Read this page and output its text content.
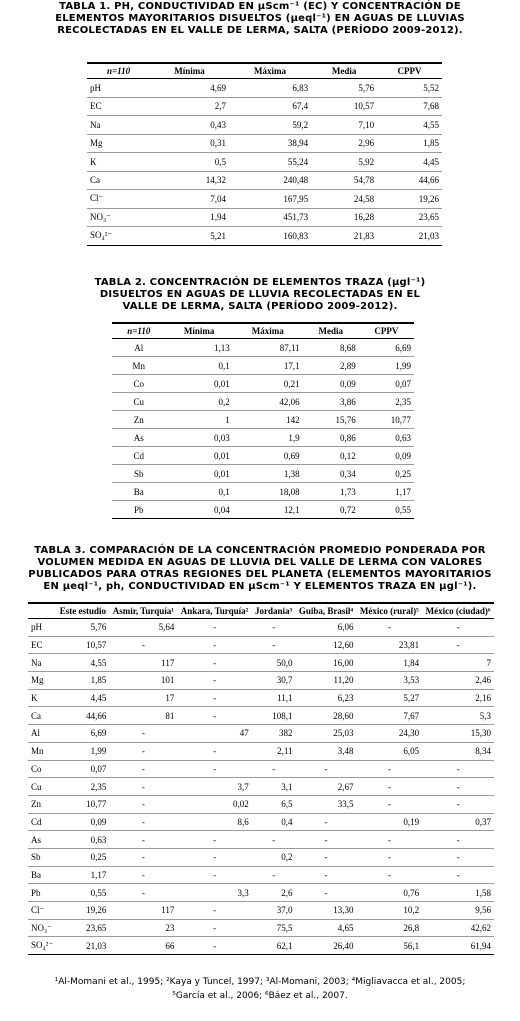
TABLA 1. PH, CONDUCTIVIDAD EN μScm⁻¹ (EC) Y CONCENTRACIÓN DE ELEMENTOS MAYORITARIOS DISUELTOS (μeql⁻¹) EN AGUAS DE LLUVIAS RECOLECTADAS EN EL VALLE DE LERMA, SALTA (PERÍODO 2009-2012).
n=110	Mínima	Máxima	Media	CPPV
pH	4,69	6,83	5,76	5,52
EC	2,7	67,4	10,57	7,68
Na	0,43	59,2	7,10	4,55
Mg	0,31	38,94	2,96	1,85
K	0,5	55,24	5,92	4,45
Ca	14,32	240,48	54,78	44,66
Cl⁻	7,04	167,95	24,58	19,26
NO₃⁻	1,94	451,73	16,28	23,65
SO₄²⁻	5,21	160,83	21,83	21,03
TABLA 2. CONCENTRACIÓN DE ELEMENTOS TRAZA (μgl⁻¹) DISUELTOS EN AGUAS DE LLUVIA RECOLECTADAS EN EL VALLE DE LERMA, SALTA (PERÍODO 2009-2012).
n=110	Mínima	Máxima	Media	CPPV
Al	1,13	87,11	8,68	6,69
Mn	0,1	17,1	2,89	1,99
Co	0,01	0,21	0,09	0,07
Cu	0,2	42,06	3,86	2,35
Zn	1	142	15,76	10,77
As	0,03	1,9	0,86	0,63
Cd	0,01	0,69	0,12	0,09
Sb	0,01	1,38	0,34	0,25
Ba	0,1	18,08	1,73	1,17
Pb	0,04	12,1	0,72	0,55
TABLA 3. COMPARACIÓN DE LA CONCENTRACIÓN PROMEDIO PONDERADA POR VOLUMEN MEDIDA EN AGUAS DE LLUVIA DEL VALLE DE LERMA CON VALORES PUBLICADOS PARA OTRAS REGIONES DEL PLANETA (ELEMENTOS MAYORITARIOS EN μeql⁻¹, ph, CONDUCTIVIDAD EN μScm⁻¹ Y ELEMENTOS TRAZA EN μgl⁻¹).
	Este estudio	Asmir, Turquía¹	Ankara, Turquía²	Jordania³	Guiba, Brasil⁴	México (rural)⁵	México (ciudad)⁶
pH	5,76	5,64	-	-	6,06	-	-
EC	10,57	-	-	-	12,60	23,81	-
Na	4,55	117	-	50,0	16,00	1,84	7
Mg	1,85	101	-	30,7	11,20	3,53	2,46
K	4,45	17	-	11,1	6,23	5,27	2,16
Ca	44,66	81	-	108,1	28,60	7,67	5,3
Al	6,69	-	47	382	25,03	24,30	15,30
Mn	1,99	-	-	2,11	3,48	6,05	8,34
Co	0,07	-	-	-	-	-	-
Cu	2,35	-	3,7	3,1	2,67	-	-
Zn	10,77	-	0,02	6,5	33,5	-	-
Cd	0,09	-	8,6	0,4	-	0,19	0,37
As	0,63	-	-	-	-	-	-
Sb	0,25	-	-	0,2	-	-	-
Ba	1,17	-	-	-	-	-	-
Pb	0,55	-	3,3	2,6	-	0,76	1,58
Cl⁻	19,26	117	-	37,0	13,30	10,2	9,56
NO₃⁻	23,65	23	-	75,5	4,65	26,8	42,62
SO₄²⁻	21,03	66	-	62,1	26,40	56,1	61,94
¹Al-Momani et al., 1995; ²Kaya y Tuncel, 1997; ³Al-Momani, 2003; ⁴Migliavacca et al., 2005;
⁵García et al., 2006; ⁶Báez et al., 2007.
